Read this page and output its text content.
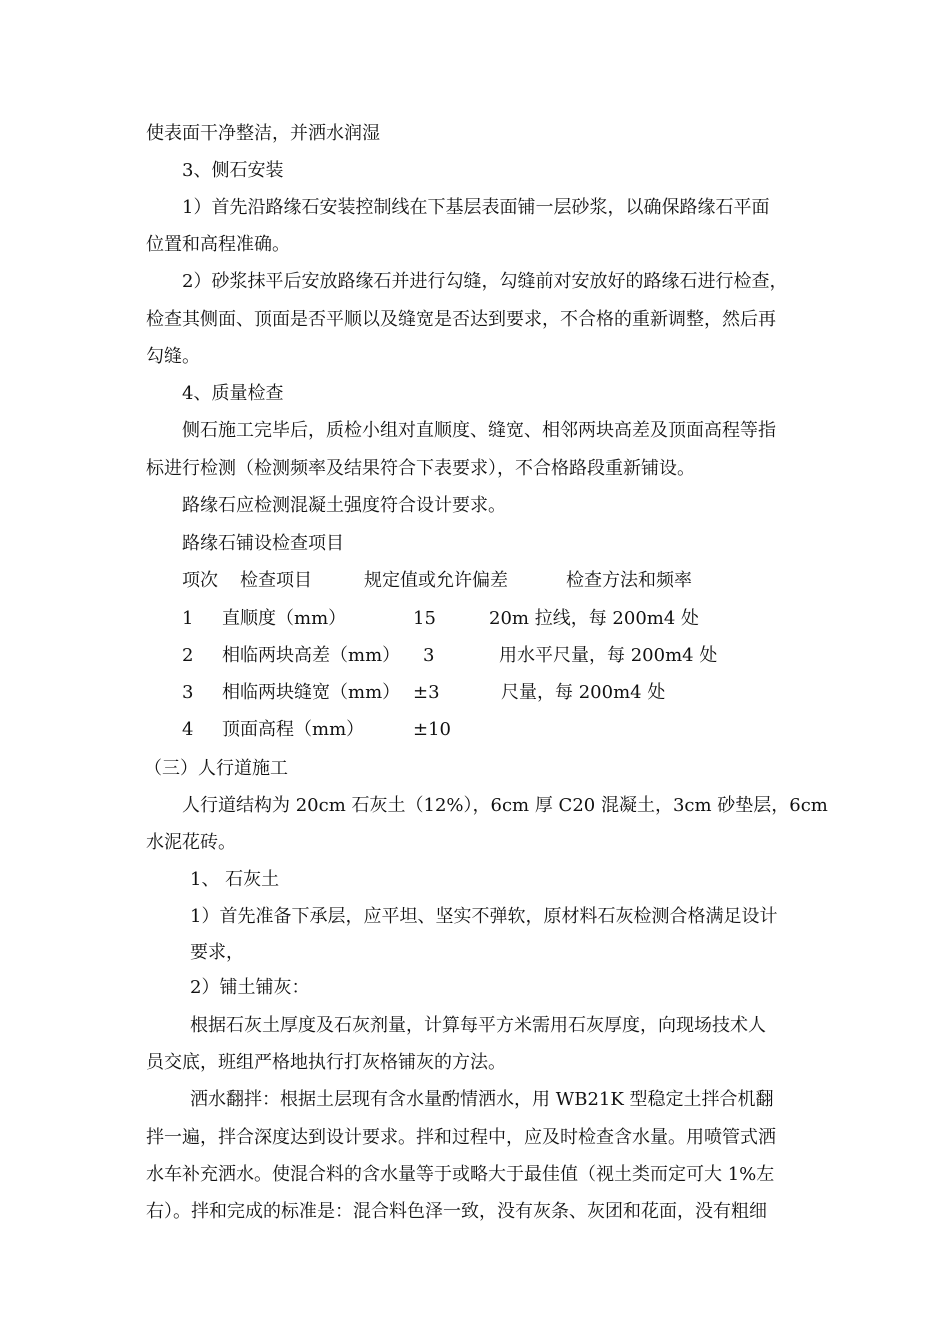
使表面干净整洁，并洒水润湿
3、侧石安装
1）首先沿路缘石安装控制线在下基层表面铺一层砂浆，以确保路缘石平面
位置和高程准确。
2）砂浆抹平后安放路缘石并进行勾缝，勾缝前对安放好的路缘石进行检查，
检查其侧面、顶面是否平顺以及缝宽是否达到要求，不合格的重新调整，然后再
勾缝。
4、质量检查
侧石施工完毕后，质检小组对直顺度、缝宽、相邻两块高差及顶面高程等指
标进行检测（检测频率及结果符合下表要求），不合格路段重新铺设。
路缘石应检测混凝土强度符合设计要求。
路缘石铺设检查项目
项次 检查项目	规定值或允许偏差	检查方法和频率
1 直顺度（mm）	15	20m 拉线，每 200m4 处
2 相临两块高差（mm） 3	用水平尺量，每 200m4 处
3 相临两块缝宽（mm） ±3	尺量，每 200m4 处
4 顶面高程（mm）	±10
（三）人行道施工
人行道结构为 20cm 石灰土（12%），6cm 厚 C20 混凝土，3cm 砂垫层，6cm
水泥花砖。
1、 石灰土
1）首先准备下承层，应平坦、坚实不弹软，原材料石灰检测合格满足设计
要求，
2）铺土铺灰：
根据石灰土厚度及石灰剂量，计算每平方米需用石灰厚度，向现场技术人
员交底，班组严格地执行打灰格铺灰的方法。
洒水翻拌：根据土层现有含水量酌情洒水，用 WB21K 型稳定土拌合机翻
拌一遍，拌合深度达到设计要求。拌和过程中，应及时检查含水量。用喷管式洒
水车补充洒水。使混合料的含水量等于或略大于最佳值（视土类而定可大 1%左
右）。拌和完成的标准是：混合料色泽一致，没有灰条、灰团和花面，没有粗细
